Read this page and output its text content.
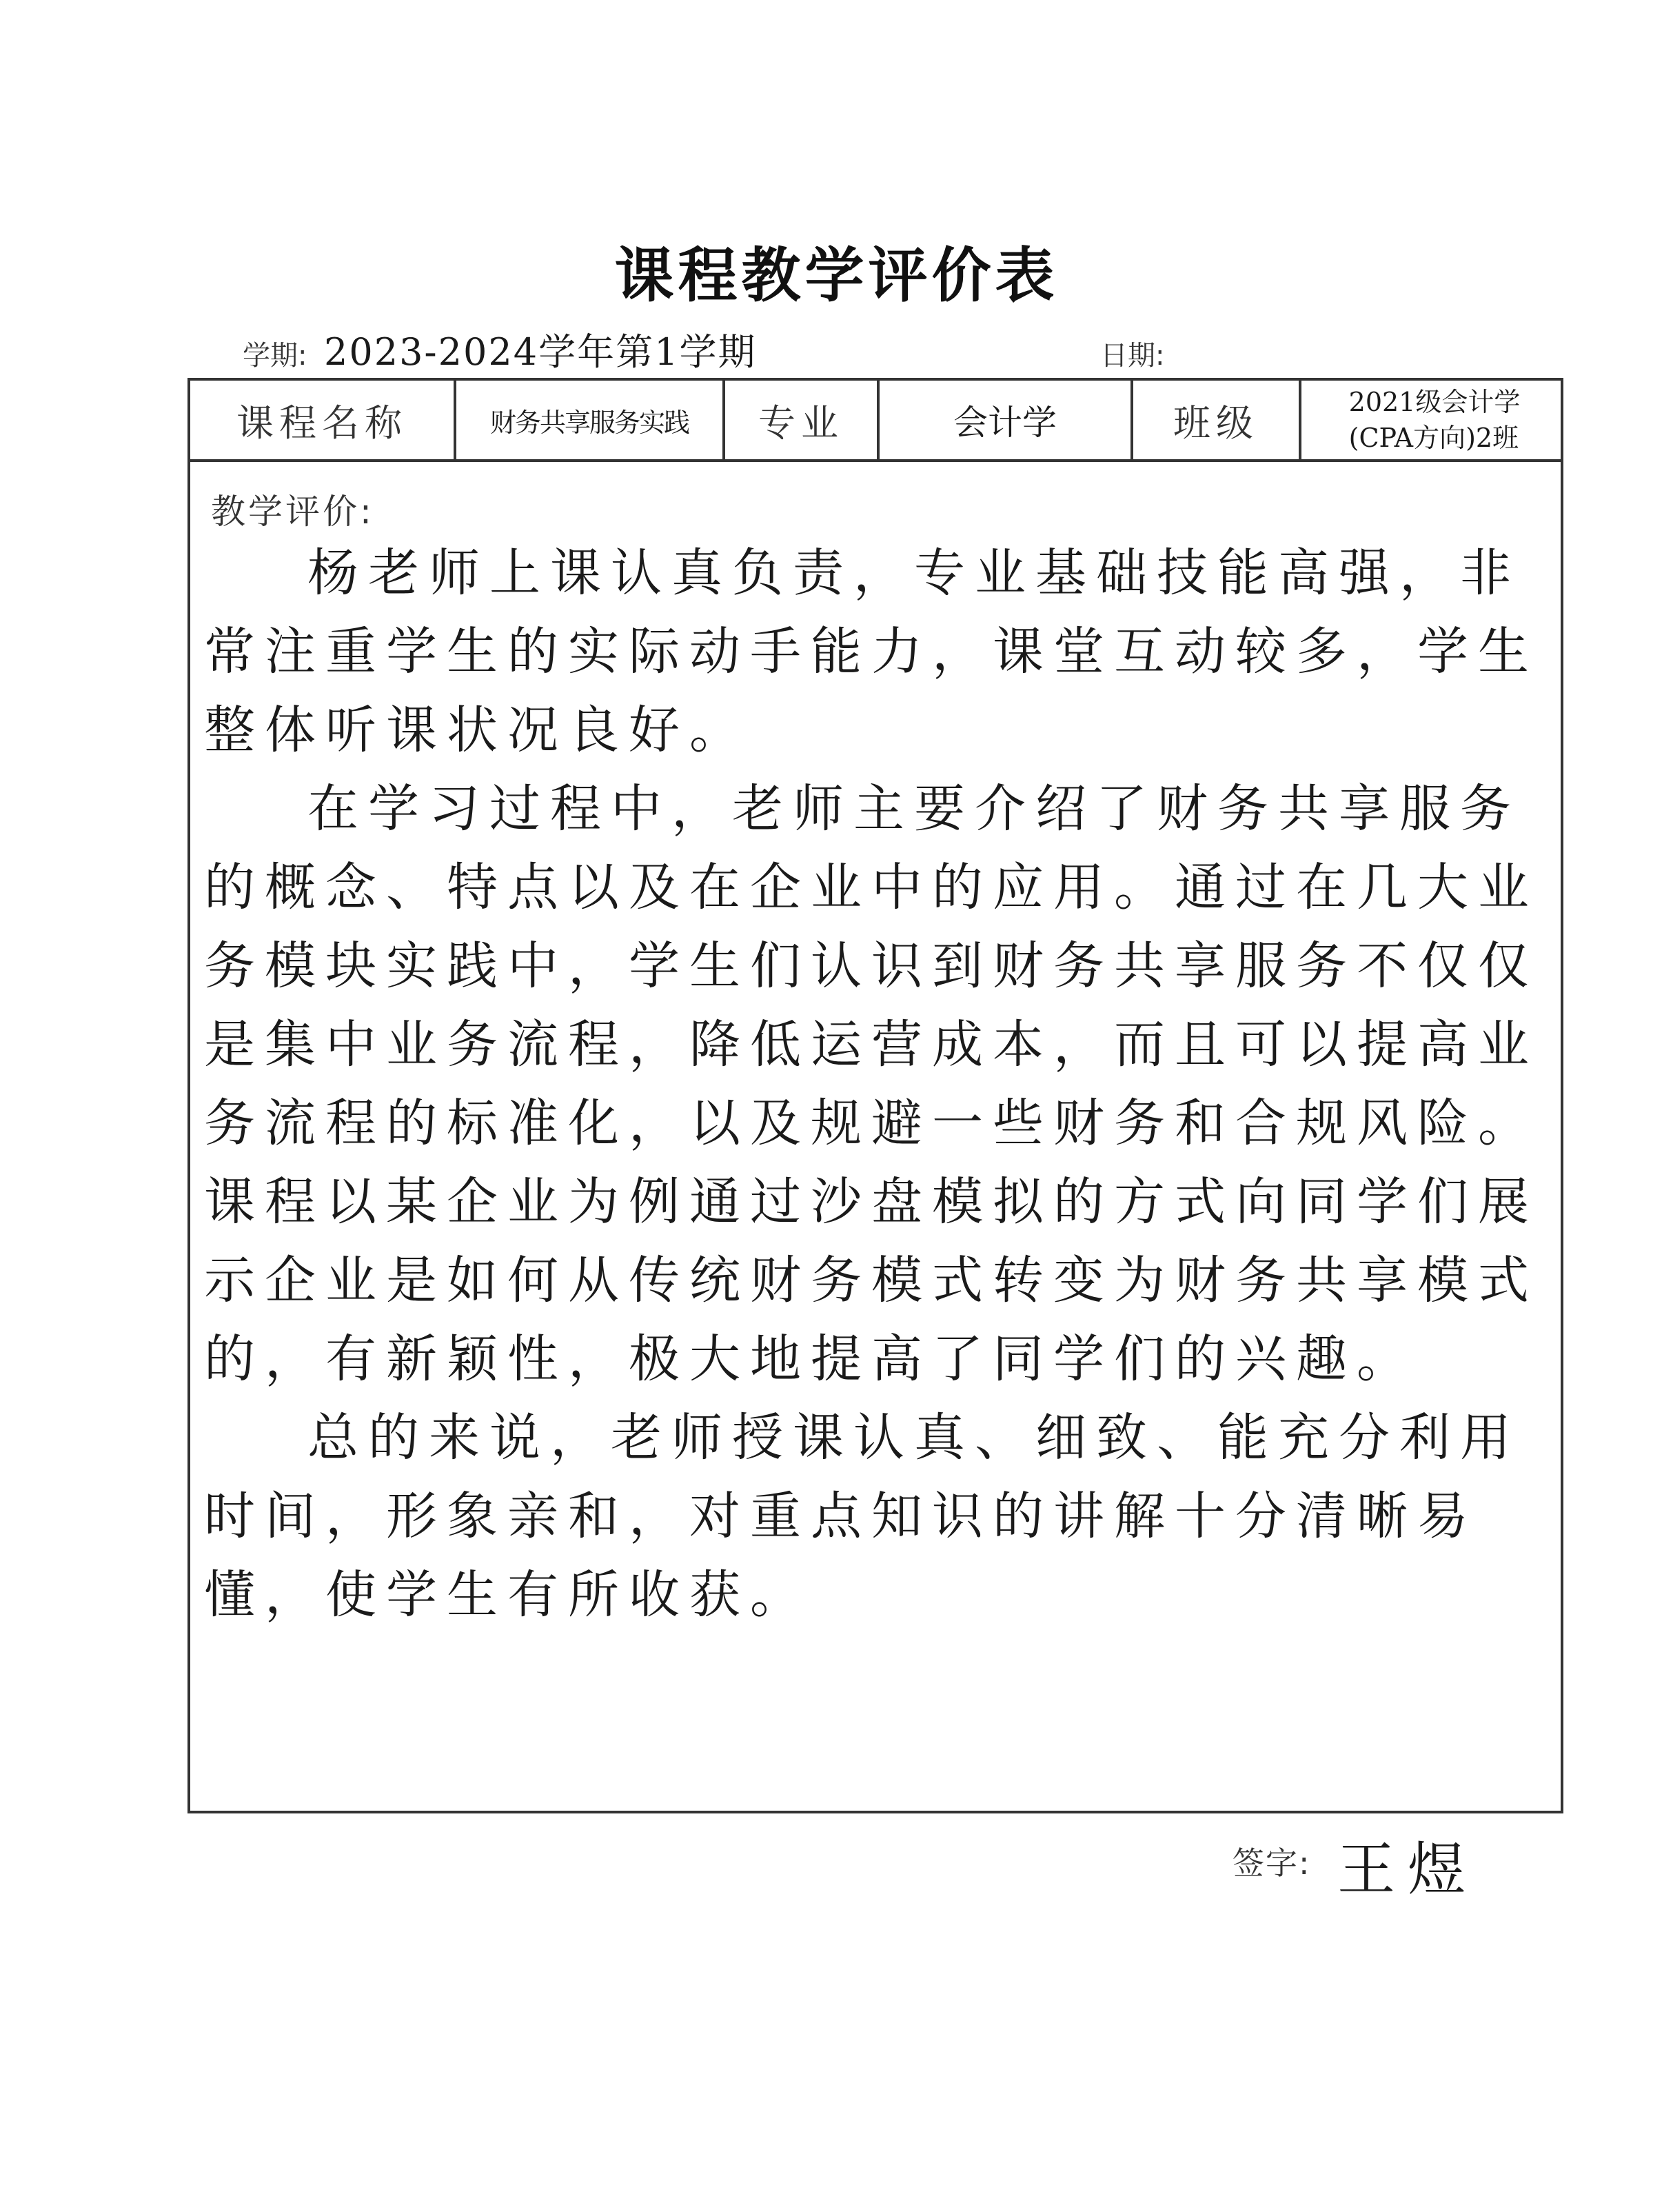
课程教学评价表
学期: 2023-2024学年第1学期	日期:
课程名称	财务共享服务实践 专业	会计学	班级	2021级会计学
(CPA方向)2班
教学评价:

杨老师上课认真负责，专业基础技能高强，非常注重学生的实际动手能力，课堂互动较多，学生整体听课状况良好。

在学习过程中，老师主要介绍了财务共享服务的概念、特点以及在企业中的应用。通过在几大业务模块实践中，学生们认识到财务共享服务不仅仅是集中业务流程，降低运营成本，而且可以提高业务流程的标准化，以及规避一些财务和合规风险。课程以某企业为例通过沙盘模拟的方式向同学们展示企业是如何从传统财务模式转变为财务共享模式的，有新颖性，极大地提高了同学们的兴趣。

总的来说，老师授课认真、细致、能充分利用时间，形象亲和，对重点知识的讲解十分清晰易懂，使学生有所收获。

签字: 王煜
